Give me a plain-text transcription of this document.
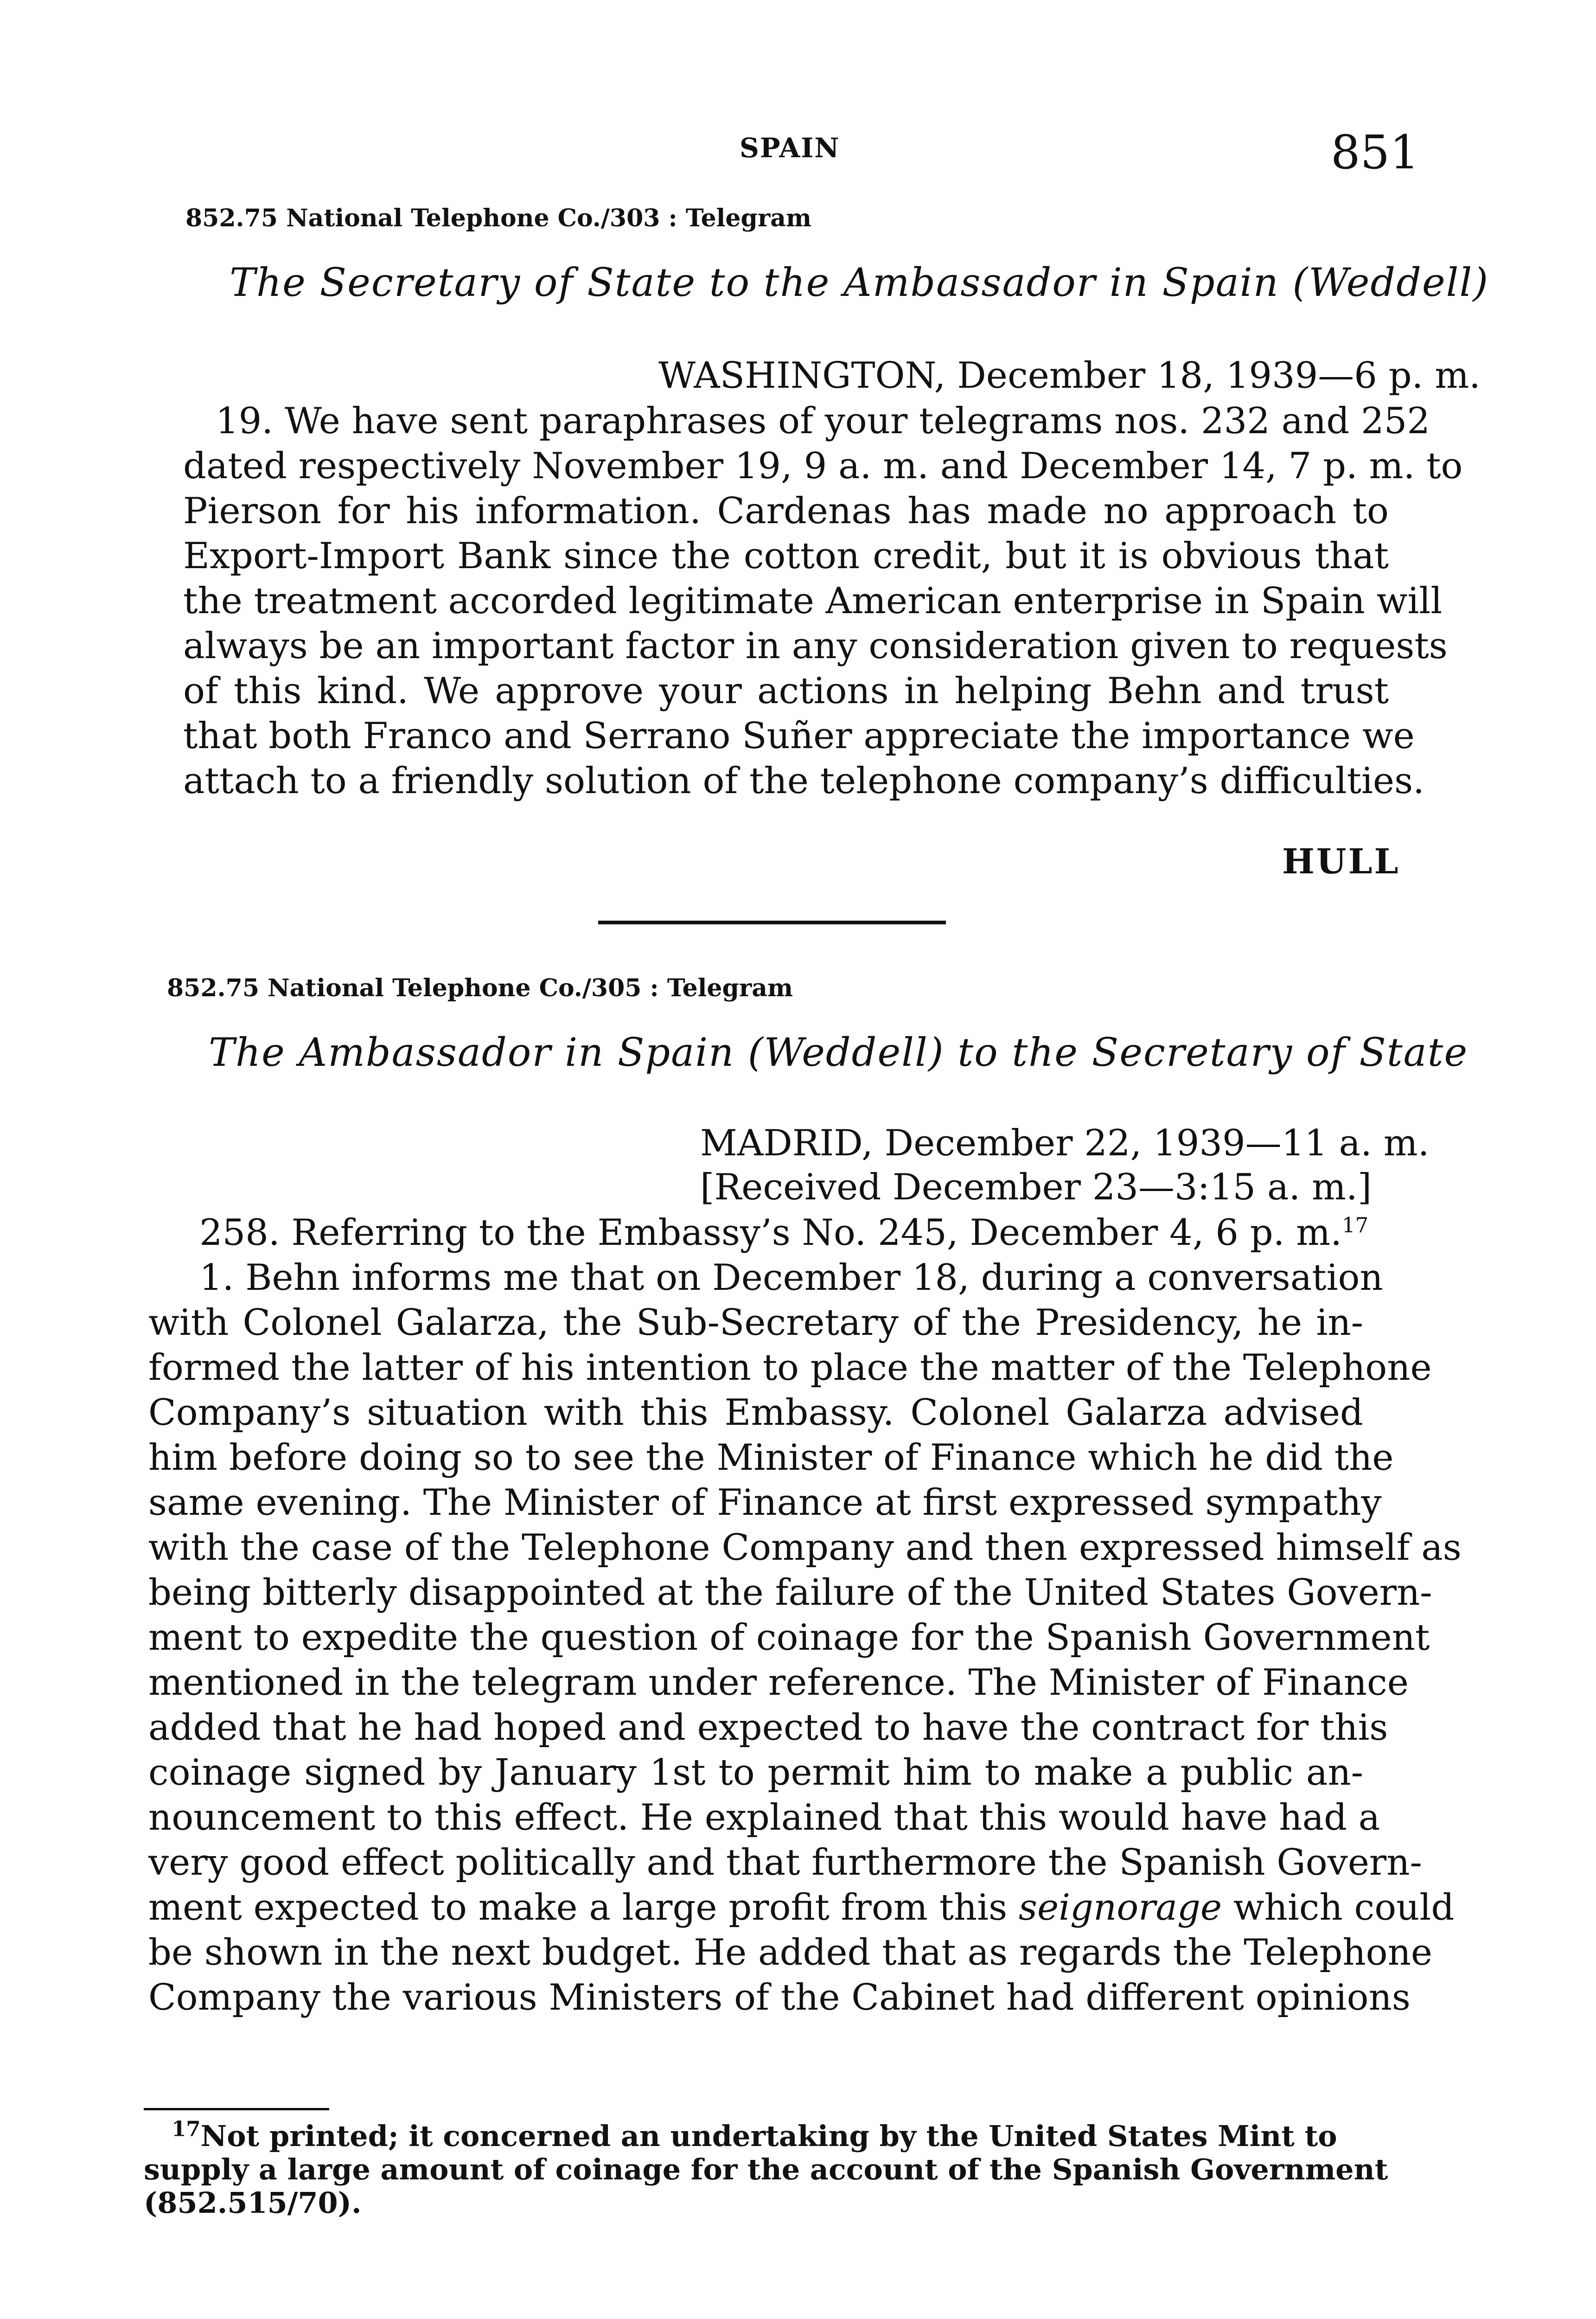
SPAIN	851
852.75 National Telephone Co./303 : Telegram
The Secretary of State to the Ambassador in Spain (Weddell)
WASHINGTON, December 18, 1939—6 p. m.
19. We have sent paraphrases of your telegrams nos. 232 and 252
dated respectively November 19, 9 a. m. and December 14, 7 p. m. to
Pierson for his information. Cardenas has made no approach to
Export-Import Bank since the cotton credit, but it is obvious that
the treatment accorded legitimate American enterprise in Spain will
always be an important factor in any consideration given to requests
of this kind. We approve your actions in helping Behn and trust
that both Franco and Serrano Suñer appreciate the importance we
attach to a friendly solution of the telephone company’s difficulties.
HULL
852.75 National Telephone Co./305 : Telegram
The Ambassador in Spain (Weddell) to the Secretary of State
MADRID, December 22, 1939—11 a. m.
[Received December 23—3:15 a. m.]
258. Referring to the Embassy’s No. 245, December 4, 6 p. m.$^{17}$
1. Behn informs me that on December 18, during a conversation
with Colonel Galarza, the Sub-Secretary of the Presidency, he in-
formed the latter of his intention to place the matter of the Telephone
Company’s situation with this Embassy. Colonel Galarza advised
him before doing so to see the Minister of Finance which he did the
same evening. The Minister of Finance at first expressed sympathy
with the case of the Telephone Company and then expressed himself as
being bitterly disappointed at the failure of the United States Govern-
ment to expedite the question of coinage for the Spanish Government
mentioned in the telegram under reference. The Minister of Finance
added that he had hoped and expected to have the contract for this
coinage signed by January 1st to permit him to make a public an-
nouncement to this effect. He explained that this would have had a
very good effect politically and that furthermore the Spanish Govern-
ment expected to make a large profit from this seignorage which could
be shown in the next budget. He added that as regards the Telephone
Company the various Ministers of the Cabinet had different opinions
$^{17}$Not printed; it concerned an undertaking by the United States Mint to
supply a large amount of coinage for the account of the Spanish Government
(852.515/70).
